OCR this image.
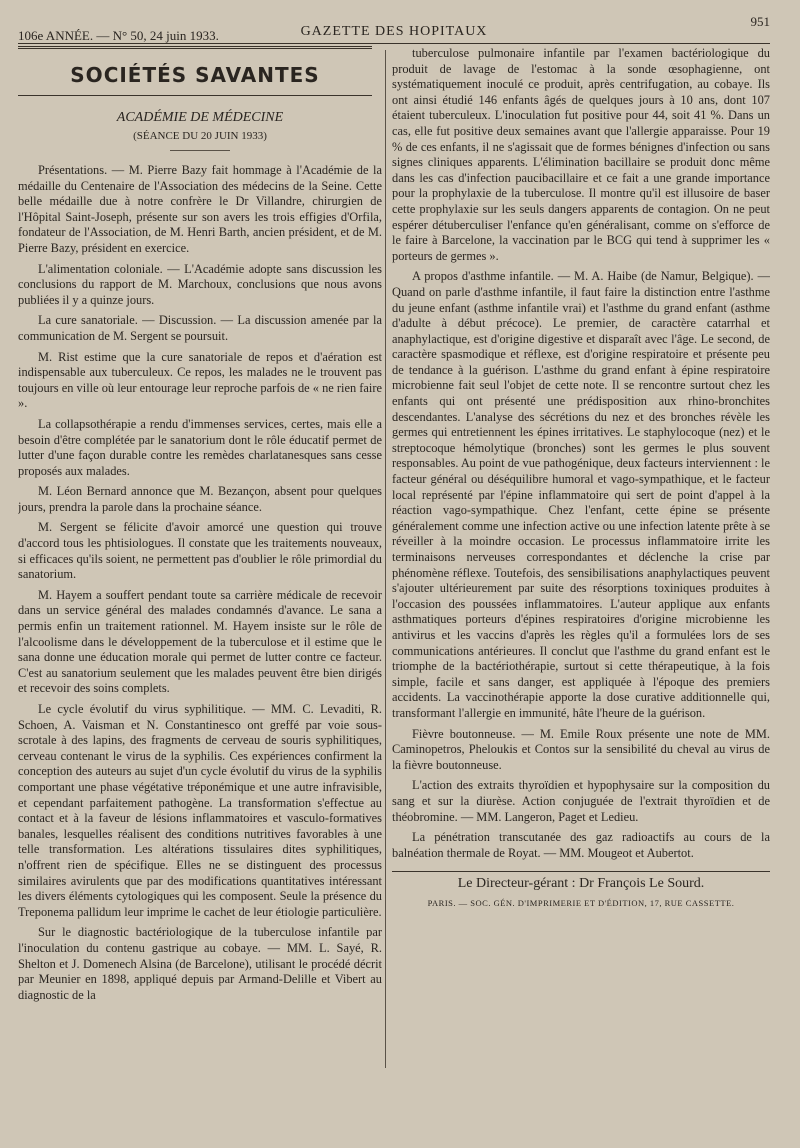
106e ANNÉE. — N° 50, 24 juin 1933.	GAZETTE DES HOPITAUX
951
SOCIÉTÉS SAVANTES
ACADÉMIE DE MÉDECINE
(SÉANCE DU 20 JUIN 1933)

Présentations. — M. Pierre Bazy fait hommage à l'Académie de la médaille du Centenaire de l'Association des médecins de la Seine. Cette belle médaille due à notre confrère le Dr Villandre, chirurgien de l'Hôpital Saint-Joseph, présente sur son avers les trois effigies d'Orfila, fondateur de l'Association, de M. Henri Barth, ancien président, et de M. Pierre Bazy, président en exercice.

L'alimentation coloniale. — L'Académie adopte sans discussion les conclusions du rapport de M. Marchoux, conclusions que nous avons publiées il y a quinze jours.

La cure sanatoriale. — Discussion. — La discussion amenée par la communication de M. Sergent se poursuit.

M. Rist estime que la cure sanatoriale de repos et d'aération est indispensable aux tuberculeux. Ce repos, les malades ne le trouvent pas toujours en ville où leur entourage leur reproche parfois de « ne rien faire ».

La collapsothérapie a rendu d'immenses services, certes, mais elle a besoin d'être complétée par le sanatorium dont le rôle éducatif permet de lutter d'une façon durable contre les remèdes charlatanesques sans cesse proposés aux malades.

M. Léon Bernard annonce que M. Bezançon, absent pour quelques jours, prendra la parole dans la prochaine séance.

M. Sergent se félicite d'avoir amorcé une question qui trouve d'accord tous les phtisiologues. Il constate que les traitements nouveaux, si efficaces qu'ils soient, ne permettent pas d'oublier le rôle primordial du sanatorium.

M. Hayem a souffert pendant toute sa carrière médicale de recevoir dans un service général des malades condamnés d'avance. Le sana a permis enfin un traitement rationnel. M. Hayem insiste sur le rôle de l'alcoolisme dans le développement de la tuberculose et il estime que le sana donne une éducation morale qui permet de lutter contre ce facteur. C'est au sanatorium seulement que les malades peuvent être bien dirigés et recevoir des soins complets.

Le cycle évolutif du virus syphilitique. — MM. C. Levaditi, R. Schoen, A. Vaisman et N. Constantinesco ont greffé par voie sous-scrotale à des lapins, des fragments de cerveau de souris syphilitiques, cerveau contenant le virus de la syphilis. Ces expériences confirment la conception des auteurs au sujet d'un cycle évolutif du virus de la syphilis comportant une phase végétative tréponémique et une autre infravisible, et cependant parfaitement pathogène. La transformation s'effectue au contact et à la faveur de lésions inflammatoires et vasculo-formatives banales, lesquelles réalisent des conditions nutritives favorables à une telle transformation. Les altérations tissulaires dites syphilitiques, n'offrent rien de spécifique. Elles ne se distinguent des processus similaires avirulents que par des modifications quantitatives intéressant les divers éléments cytologiques qui les composent. Seule la présence du Treponema pallidum leur imprime le cachet de leur étiologie particulière.

Sur le diagnostic bactériologique de la tuberculose infantile par l'inoculation du contenu gastrique au cobaye. — MM. L. Sayé, R. Shelton et J. Domenech Alsina (de Barcelone), utilisant le procédé décrit par Meunier en 1898, appliqué depuis par Armand-Delille et Vibert au diagnostic de la

tuberculose pulmonaire infantile par l'examen bactériologique du produit de lavage de l'estomac à la sonde œsophagienne, ont systématiquement inoculé ce produit, après centrifugation, au cobaye. Ils ont ainsi étudié 146 enfants âgés de quelques jours à 10 ans, dont 107 étaient tuberculeux. L'inoculation fut positive pour 44, soit 41 %. Dans un cas, elle fut positive deux semaines avant que l'allergie apparaisse. Pour 19 % de ces enfants, il ne s'agissait que de formes bénignes d'infection ou sans signes cliniques apparents. L'élimination bacillaire se produit donc même dans les cas d'infection paucibacillaire et ce fait a une grande importance pour la prophylaxie de la tuberculose. Il montre qu'il est illusoire de baser cette prophylaxie sur les seuls dangers apparents de contagion. On ne peut espérer détuberculiser l'enfance qu'en généralisant, comme on s'efforce de le faire à Barcelone, la vaccination par le BCG qui tend à supprimer les « porteurs de germes ».

A propos d'asthme infantile. — M. A. Haibe (de Namur, Belgique). — Quand on parle d'asthme infantile, il faut faire la distinction entre l'asthme du jeune enfant (asthme infantile vrai) et l'asthme du grand enfant (asthme d'adulte à début précoce). Le premier, de caractère catarrhal et anaphylactique, est d'origine digestive et disparaît avec l'âge. Le second, de caractère spasmodique et réflexe, est d'origine respiratoire et présente peu de tendance à la guérison. L'asthme du grand enfant à épine respiratoire microbienne fait seul l'objet de cette note. Il se rencontre surtout chez les enfants qui ont présenté une prédisposition aux rhino-bronchites descendantes. L'analyse des sécrétions du nez et des bronches révèle les germes qui entretiennent les épines irritatives. Le staphylocoque (nez) et le streptocoque hémolytique (bronches) sont les germes le plus souvent responsables. Au point de vue pathogénique, deux facteurs interviennent : le facteur général ou déséquilibre humoral et vago-sympathique, et le facteur local représenté par l'épine inflammatoire qui sert de point d'appel à la réaction vago-sympathique. Chez l'enfant, cette épine se présente généralement comme une infection active ou une infection latente prête à se réveiller à la moindre occasion. Le processus inflammatoire irrite les terminaisons nerveuses correspondantes et déclenche la crise par phénomène réflexe. Toutefois, des sensibilisations anaphylactiques peuvent s'ajouter ultérieurement par suite des résorptions toxiniques produites à l'occasion des poussées inflammatoires. L'auteur applique aux enfants asthmatiques porteurs d'épines respiratoires d'origine microbienne les antivirus et les vaccins d'après les règles qu'il a formulées lors de ses communications antérieures. Il conclut que l'asthme du grand enfant est le triomphe de la bactériothérapie, surtout si cette thérapeutique, à la fois simple, facile et sans danger, est appliquée à l'époque des premiers accidents. La vaccinothérapie apporte la dose curative additionnelle qui, transformant l'allergie en immunité, hâte l'heure de la guérison.

Fièvre boutonneuse. — M. Emile Roux présente une note de MM. Caminopetros, Pheloukis et Contos sur la sensibilité du cheval au virus de la fièvre boutonneuse.

L'action des extraits thyroïdien et hypophysaire sur la composition du sang et sur la diurèse. Action conjuguée de l'extrait thyroïdien et de théobromine. — MM. Langeron, Paget et Ledieu.

La pénétration transcutanée des gaz radioactifs au cours de la balnéation thermale de Royat. — MM. Mougeot et Aubertot.

Le Directeur-gérant : Dr François Le Sourd.
PARIS. — SOC. GÉN. D'IMPRIMERIE ET D'ÉDITION, 17, RUE CASSETTE.
